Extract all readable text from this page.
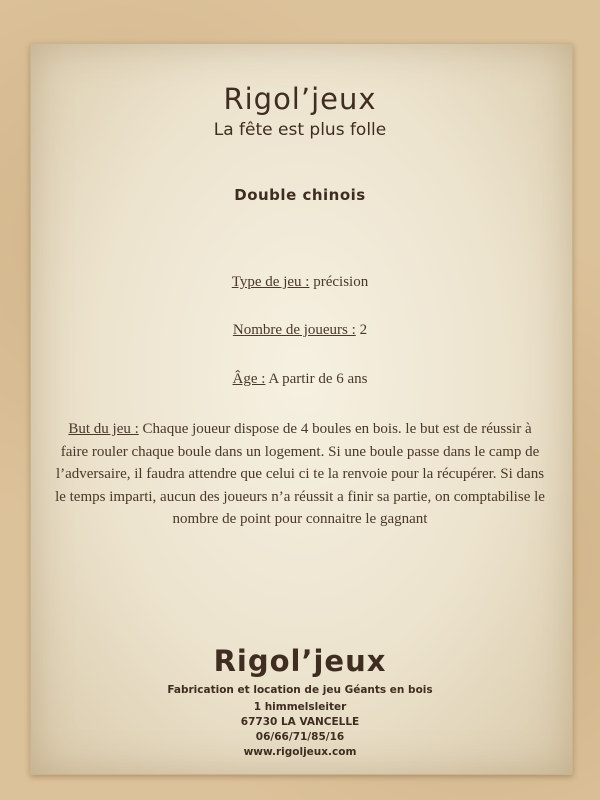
Rigol’jeux
La fête est plus folle
Double chinois
Type de jeu : précision
Nombre de joueurs : 2
Âge : A partir de 6 ans
But du jeu : Chaque joueur dispose de 4 boules en bois. le but est de réussir à faire rouler chaque boule dans un logement. Si une boule passe dans le camp de l’adversaire, il faudra attendre que celui ci te la renvoie pour la récupérer. Si dans le temps imparti, aucun des joueurs n’a réussit a finir sa partie, on comptabilise le nombre de point pour connaitre le gagnant
Rigol’jeux
Fabrication et location de jeu Géants en bois
1 himmelsleiter
67730 LA VANCELLE
06/66/71/85/16
www.rigoljeux.com
